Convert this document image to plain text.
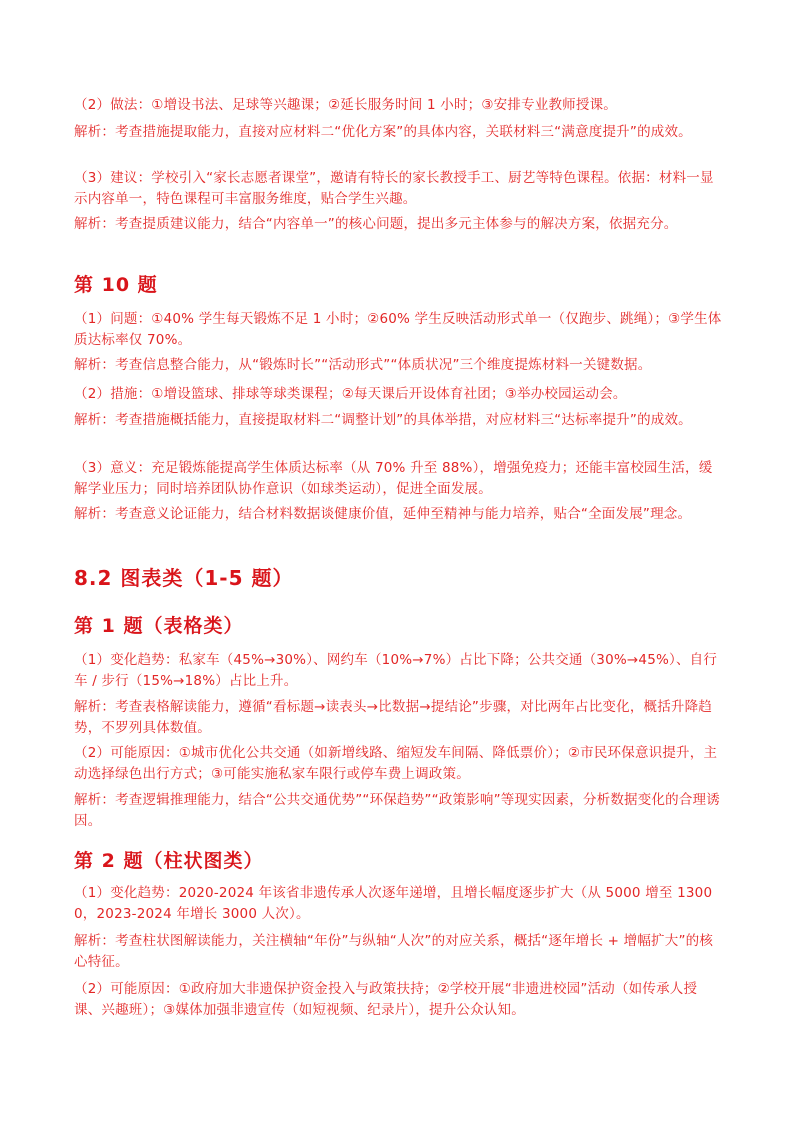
（2）做法：①增设书法、足球等兴趣课；②延长服务时间 1 小时；③安排专业教师授课。

解析：考查措施提取能力，直接对应材料二“优化方案”的具体内容，关联材料三“满意度提升”的成效。

（3）建议：学校引入“家长志愿者课堂”，邀请有特长的家长教授手工、厨艺等特色课程。依据：材料一显示内容单一，特色课程可丰富服务维度，贴合学生兴趣。

解析：考查提质建议能力，结合“内容单一”的核心问题，提出多元主体参与的解决方案，依据充分。

第 10 题

（1）问题：①40% 学生每天锻炼不足 1 小时；②60% 学生反映活动形式单一（仅跑步、跳绳）；③学生体质达标率仅 70%。

解析：考查信息整合能力，从“锻炼时长”“活动形式”“体质状况”三个维度提炼材料一关键数据。

（2）措施：①增设篮球、排球等球类课程；②每天课后开设体育社团；③举办校园运动会。

解析：考查措施概括能力，直接提取材料二“调整计划”的具体举措，对应材料三“达标率提升”的成效。

（3）意义：充足锻炼能提高学生体质达标率（从 70% 升至 88%），增强免疫力；还能丰富校园生活，缓解学业压力；同时培养团队协作意识（如球类运动），促进全面发展。

解析：考查意义论证能力，结合材料数据谈健康价值，延伸至精神与能力培养，贴合“全面发展”理念。

8.2 图表类（1-5 题）
第 1 题（表格类）

（1）变化趋势：私家车（45%→30%）、网约车（10%→7%）占比下降；公共交通（30%→45%）、自行车 / 步行（15%→18%）占比上升。

解析：考查表格解读能力，遵循“看标题→读表头→比数据→提结论”步骤，对比两年占比变化，概括升降趋势，不罗列具体数值。

（2）可能原因：①城市优化公共交通（如新增线路、缩短发车间隔、降低票价）；②市民环保意识提升，主动选择绿色出行方式；③可能实施私家车限行或停车费上调政策。

解析：考查逻辑推理能力，结合“公共交通优势”“环保趋势”“政策影响”等现实因素，分析数据变化的合理诱因。

第 2 题（柱状图类）

（1）变化趋势：2020-2024 年该省非遗传承人次逐年递增，且增长幅度逐步扩大（从 5000 增至 13000，2023-2024 年增长 3000 人次）。

解析：考查柱状图解读能力，关注横轴“年份”与纵轴“人次”的对应关系，概括“逐年增长 + 增幅扩大”的核心特征。

（2）可能原因：①政府加大非遗保护资金投入与政策扶持；②学校开展“非遗进校园”活动（如传承人授课、兴趣班）；③媒体加强非遗宣传（如短视频、纪录片），提升公众认知。
